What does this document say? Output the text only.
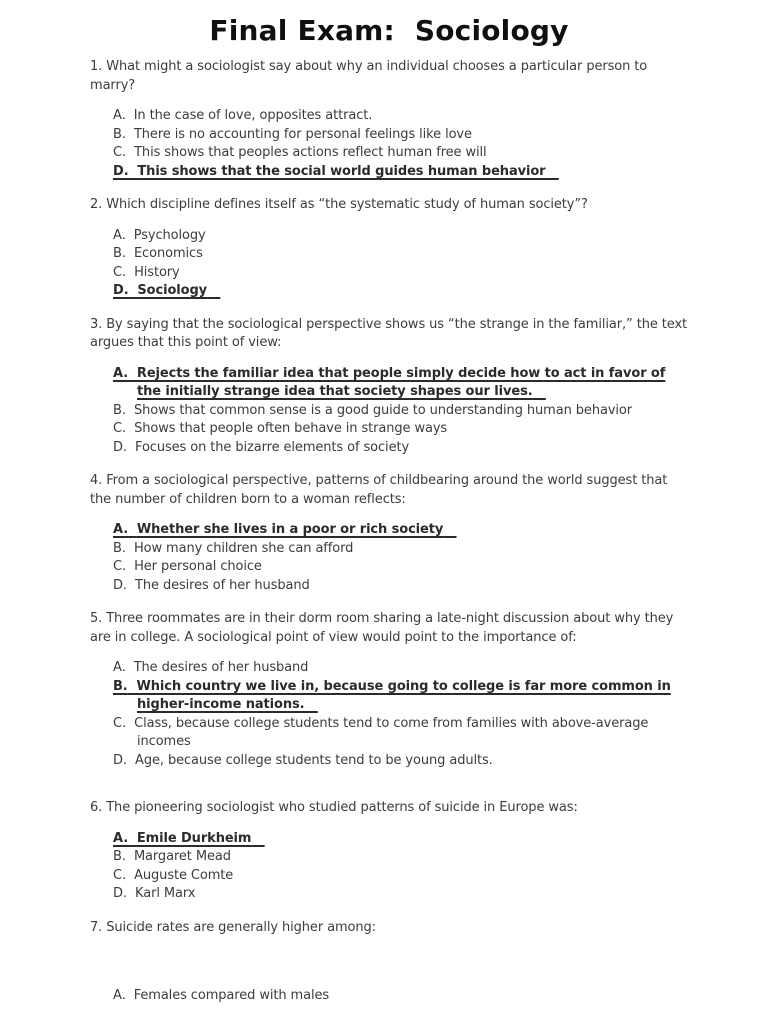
Final Exam:  Sociology

1. What might a sociologist say about why an individual chooses a particular person to marry?

A. In the case of love, opposites attract.
B. There is no accounting for personal feelings like love
C. This shows that peoples actions reflect human free will
D. This shows that the social world guides human behavior

2. Which discipline defines itself as “the systematic study of human society”?

A. Psychology
B. Economics
C. History
D. Sociology

3. By saying that the sociological perspective shows us “the strange in the familiar,” the text argues that this point of view:

A. Rejects the familiar idea that people simply decide how to act in favor of the initially strange idea that society shapes our lives.
B. Shows that common sense is a good guide to understanding human behavior
C. Shows that people often behave in strange ways
D. Focuses on the bizarre elements of society

4. From a sociological perspective, patterns of childbearing around the world suggest that the number of children born to a woman reflects:

A. Whether she lives in a poor or rich society
B. How many children she can afford
C. Her personal choice
D. The desires of her husband

5. Three roommates are in their dorm room sharing a late-night discussion about why they are in college. A sociological point of view would point to the importance of:

A. The desires of her husband
B. Which country we live in, because going to college is far more common in higher-income nations.
C. Class, because college students tend to come from families with above-average incomes
D. Age, because college students tend to be young adults.

6. The pioneering sociologist who studied patterns of suicide in Europe was:

A. Emile Durkheim
B. Margaret Mead
C. Auguste Comte
D. Karl Marx

7. Suicide rates are generally higher among:

A. Females compared with males
